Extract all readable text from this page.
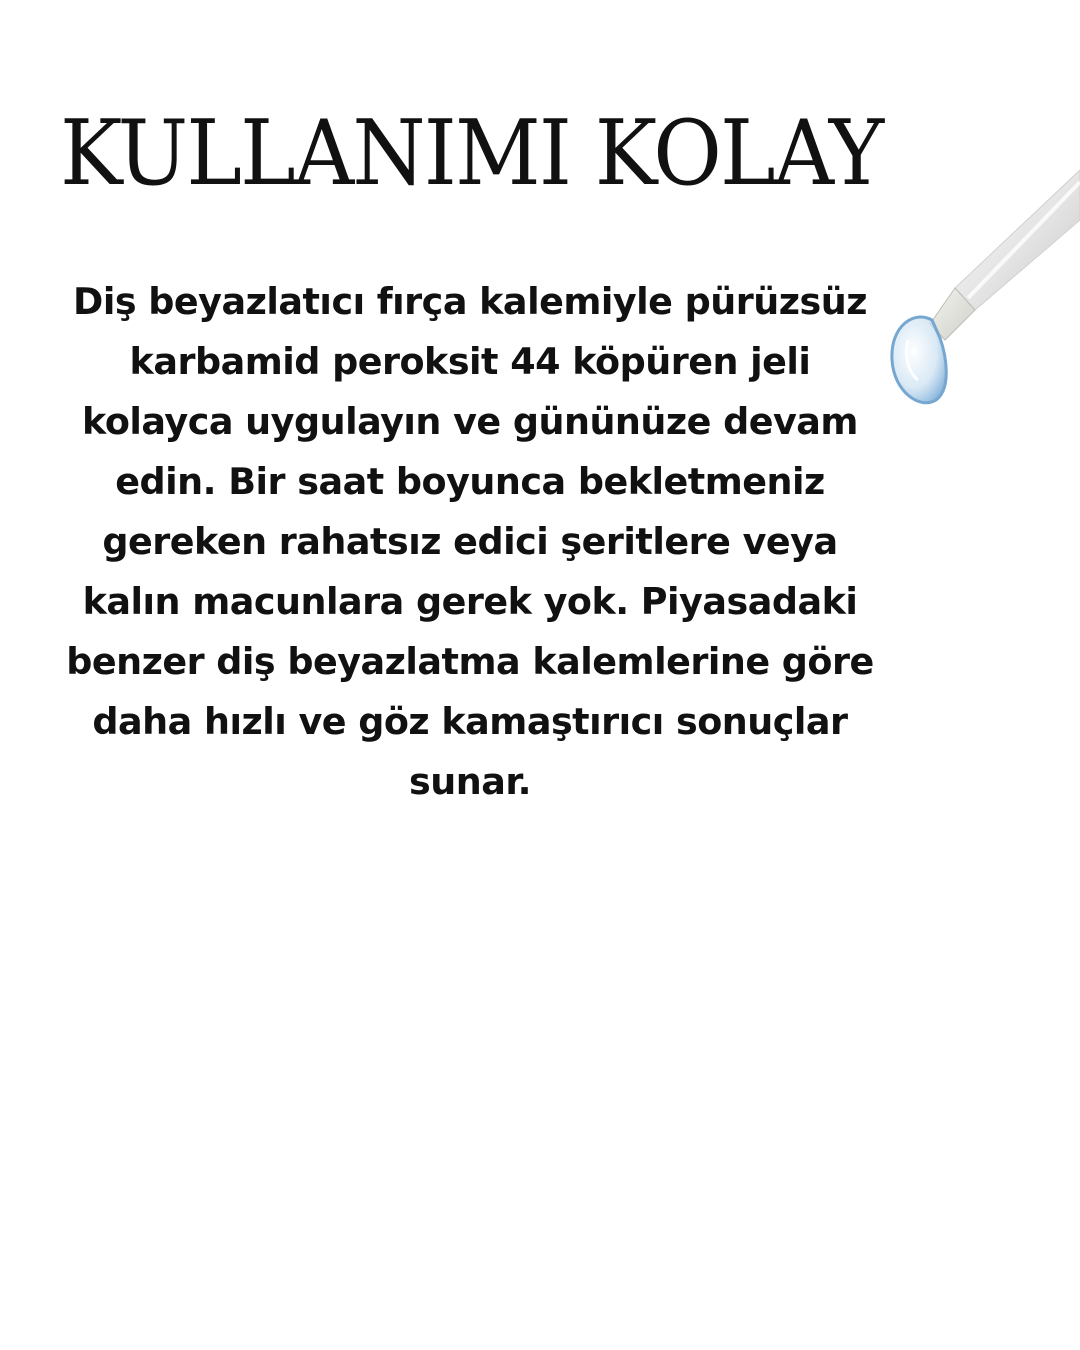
KULLANIMI KOLAY

Diş beyazlatıcı fırça kalemiyle pürüzsüz karbamid peroksit 44 köpüren jeli kolayca uygulayın ve gününüze devam edin. Bir saat boyunca bekletmeniz gereken rahatsız edici şeritlere veya kalın macunlara gerek yok. Piyasadaki benzer diş beyazlatma kalemlerine göre daha hızlı ve göz kamaştırıcı sonuçlar sunar.
